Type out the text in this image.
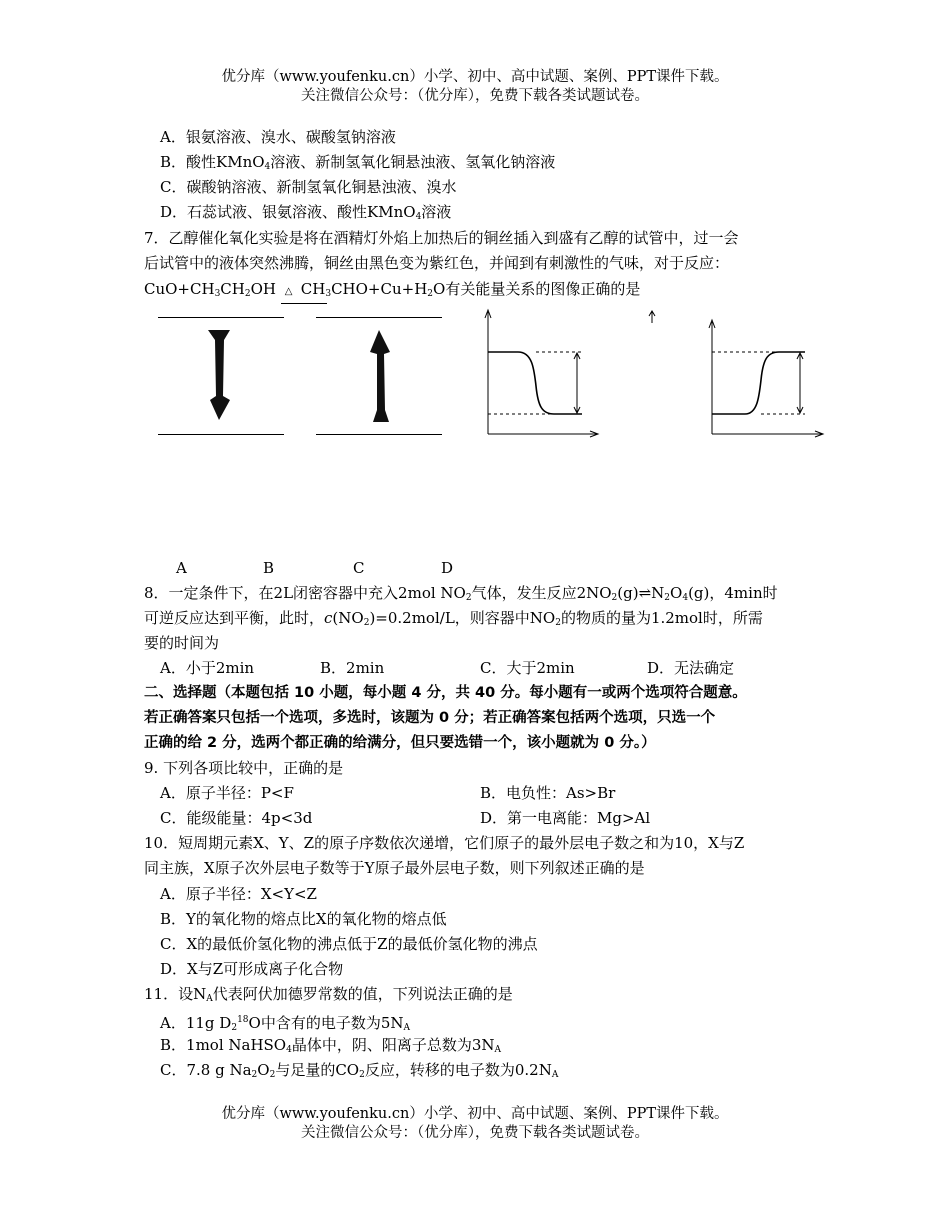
优分库（www.youfenku.cn）小学、初中、高中试题、案例、PPT课件下载。
关注微信公众号：（优分库），免费下载各类试题试卷。
A．银氨溶液、溴水、碳酸氢钠溶液
B．酸性KMnO$_4$溶液、新制氢氧化铜悬浊液、氢氧化钠溶液
C．碳酸钠溶液、新制氢氧化铜悬浊液、溴水
D．石蕊试液、银氨溶液、酸性KMnO$_4$溶液
7．乙醇催化氧化实验是将在酒精灯外焰上加热后的铜丝插入到盛有乙醇的试管中，过一会
后试管中的液体突然沸腾，铜丝由黑色变为紫红色，并闻到有刺激性的气味，对于反应：
$CuO+CH_3CH_2OH$ △ $CH_3CHO+Cu+H_2O$有关能量关系的图像正确的是
A	B	C	D
8．一定条件下，在2L闭密容器中充入2mol $NO_2$气体，发生反应$2NO_2(g)\rightleftharpoons N_2O_4(g)$，4min时
可逆反应达到平衡，此时，$c(NO_2)=0.2mol/L$，则容器中$NO_2$的物质的量为1.2mol时，所需
要的时间为
A．小于2min	B．2min	C．大于2min	D．无法确定
二、选择题（本题包括 10 小题，每小题 4 分，共 40 分。每小题有一或两个选项符合题意。
若正确答案只包括一个选项，多选时，该题为 0 分；若正确答案包括两个选项，只选一个
正确的给 2 分，选两个都正确的给满分，但只要选错一个，该小题就为 0 分。）
9. 下列各项比较中，正确的是
A．原子半径：P<F	B．电负性：As>Br
C．能级能量：4p<3d	D．第一电离能：Mg>Al
10．短周期元素X、Y、Z的原子序数依次递增，它们原子的最外层电子数之和为10，X与Z
同主族，X原子次外层电子数等于Y原子最外层电子数，则下列叙述正确的是
A．原子半径：X<Y<Z
B．Y的氧化物的熔点比X的氧化物的熔点低
C．X的最低价氢化物的沸点低于Z的最低价氢化物的沸点
D．X与Z可形成离子化合物
11．设$N_A$代表阿伏加德罗常数的值，下列说法正确的是
A．11g $D_2^{18}O$中含有的电子数为$5N_A$
B．1mol NaHSO$_4$晶体中，阴、阳离子总数为$3N_A$
C．7.8 g $Na_2O_2$与足量的$CO_2$反应，转移的电子数为$0.2N_A$
优分库（www.youfenku.cn）小学、初中、高中试题、案例、PPT课件下载。
关注微信公众号：（优分库），免费下载各类试题试卷。
